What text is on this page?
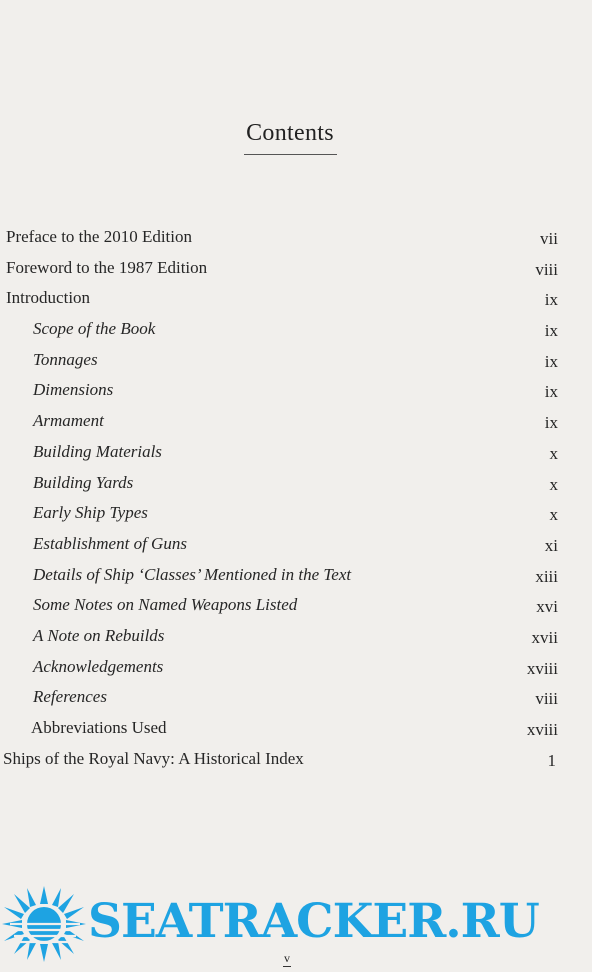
Contents
Preface to the 2010 Edition	vii
Foreword to the 1987 Edition	viii
Introduction	ix
Scope of the Book	ix
Tonnages	ix
Dimensions	ix
Armament	ix
Building Materials	x
Building Yards	x
Early Ship Types	x
Establishment of Guns	xi
Details of Ship ‘Classes’ Mentioned in the Text	xiii
Some Notes on Named Weapons Listed	xvi
A Note on Rebuilds	xvii
Acknowledgements	xviii
References	viii
Abbreviations Used	xviii
Ships of the Royal Navy: A Historical Index	1
SEATRACKER.RU
v
